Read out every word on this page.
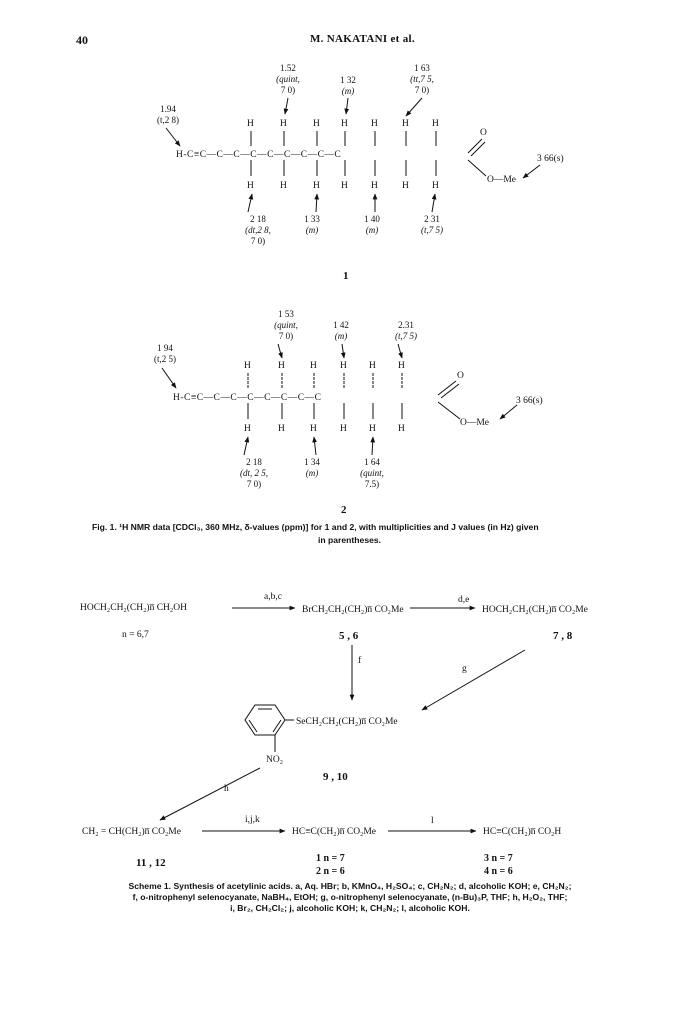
40	M. NAKATANI et al.
1.94
(t,2 8)
1.52
(quint,
7 0)
1 32
(m)
1 63
(tt,7 5,
7 0)
H-C≡C—C—C—C—C—C—C—C—C
O
O—Me
3 66(s)
2 18
(dt,2 8,
7 0)
1 33
(m)
1 40
(m)
2 31
(t,7 5)
1
1 94
(t,2 5)
1 53
(quint,
7 0)
1 42
(m)
2.31
(t,7 5)
H-C≡C—C—C—C—C—C—C—C
O
O—Me
3 66(s)
2 18
(dt, 2 5,
7 0)
1 34
(m)
1 64
(quint,
7.5)
2
Fig. 1. ¹H NMR data [CDCl₃, 360 MHz, δ-values (ppm)] for 1 and 2, with multiplicities and J values (in Hz) given
in parentheses.
HOCH₂CH₂(CH₂)n̅ CH₂OH
n = 6,7
a,b,c
BrCH₂CH₂(CH₂)n̅ CO₂Me
5 , 6
d,e
HOCH₂CH₂(CH₂)n̅ CO₂Me
7 , 8
f
g
SeCH₂CH₂(CH₂)n̅ CO₂Me
NO₂
9 , 10
h
CH₂ = CH(CH₂)n̅ CO₂Me
11 , 12
i,j,k
HC≡C(CH₂)n̅ CO₂Me
1 n = 7
2 n = 6
l
HC≡C(CH₂)n̅ CO₂H
3 n = 7
4 n = 6
Scheme 1. Synthesis of acetylinic acids. a, Aq. HBr; b, KMnO₄, H₂SO₄; c, CH₂N₂; d, alcoholic KOH; e, CH₂N₂;
f, o-nitrophenyl selenocyanate, NaBH₄, EtOH; g, o-nitrophenyl selenocyanate, (n-Bu)₃P, THF; h, H₂O₂, THF;
i, Br₂, CH₂Cl₂; j, alcoholic KOH; k, CH₂N₂; l, alcoholic KOH.
H
H
H
H
H
H
H
H
H
H
H
H
H
H
H
H
H
H
H
H
H
H
H
H
H
H
